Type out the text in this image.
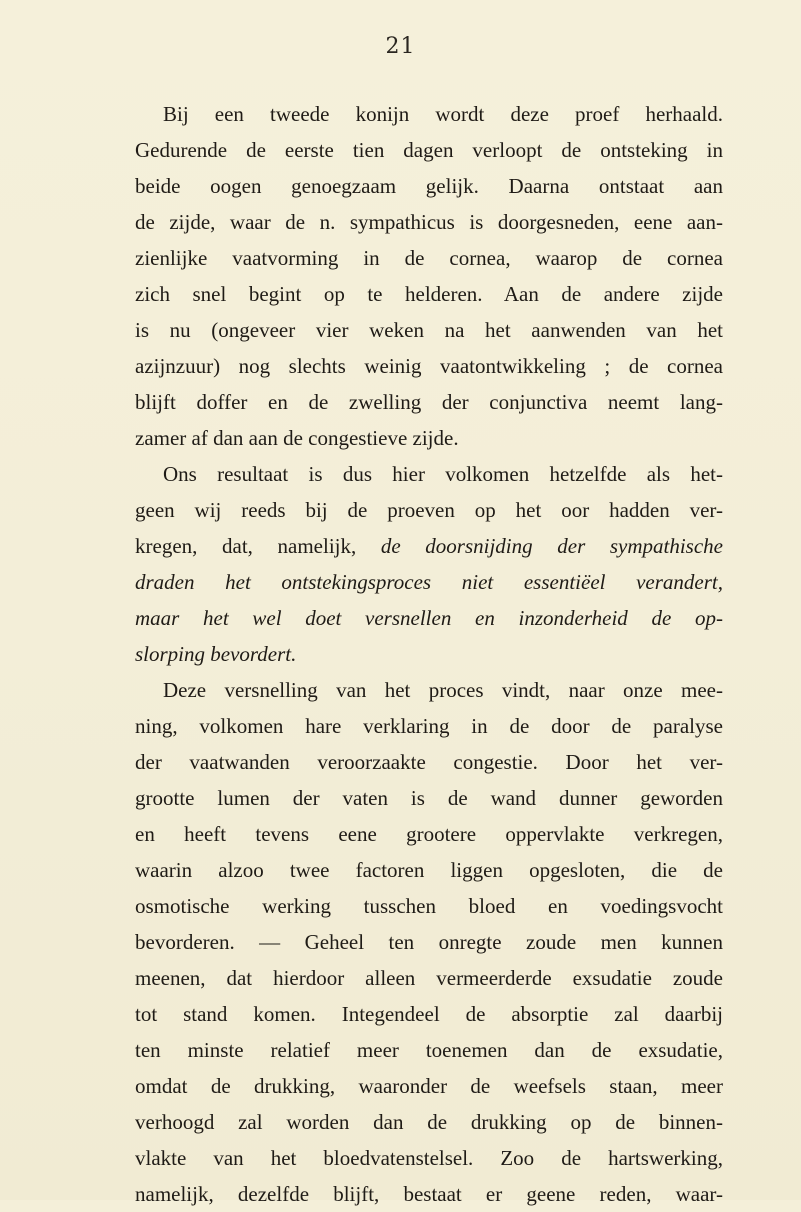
21
Bij een tweede konijn wordt deze proef herhaald.
Gedurende de eerste tien dagen verloopt de ontsteking in
beide oogen genoegzaam gelijk. Daarna ontstaat aan
de zijde, waar de n. sympathicus is doorgesneden, eene aan-
zienlijke vaatvorming in de cornea, waarop de cornea
zich snel begint op te helderen. Aan de andere zijde
is nu (ongeveer vier weken na het aanwenden van het
azijnzuur) nog slechts weinig vaatontwikkeling ; de cornea
blijft doffer en de zwelling der conjunctiva neemt lang-
zamer af dan aan de congestieve zijde.
Ons resultaat is dus hier volkomen hetzelfde als het-
geen wij reeds bij de proeven op het oor hadden ver-
kregen, dat, namelijk, de doorsnijding der sympathische
draden het ontstekingsproces niet essentiëel verandert,
maar het wel doet versnellen en inzonderheid de op-
slorping bevordert.
Deze versnelling van het proces vindt, naar onze mee-
ning, volkomen hare verklaring in de door de paralyse
der vaatwanden veroorzaakte congestie. Door het ver-
grootte lumen der vaten is de wand dunner geworden
en heeft tevens eene grootere oppervlakte verkregen,
waarin alzoo twee factoren liggen opgesloten, die de
osmotische werking tusschen bloed en voedingsvocht
bevorderen. — Geheel ten onregte zoude men kunnen
meenen, dat hierdoor alleen vermeerderde exsudatie zoude
tot stand komen. Integendeel de absorptie zal daarbij
ten minste relatief meer toenemen dan de exsudatie,
omdat de drukking, waaronder de weefsels staan, meer
verhoogd zal worden dan de drukking op de binnen-
vlakte van het bloedvatenstelsel. Zoo de hartswerking,
namelijk, dezelfde blijft, bestaat er geene reden, waar-
